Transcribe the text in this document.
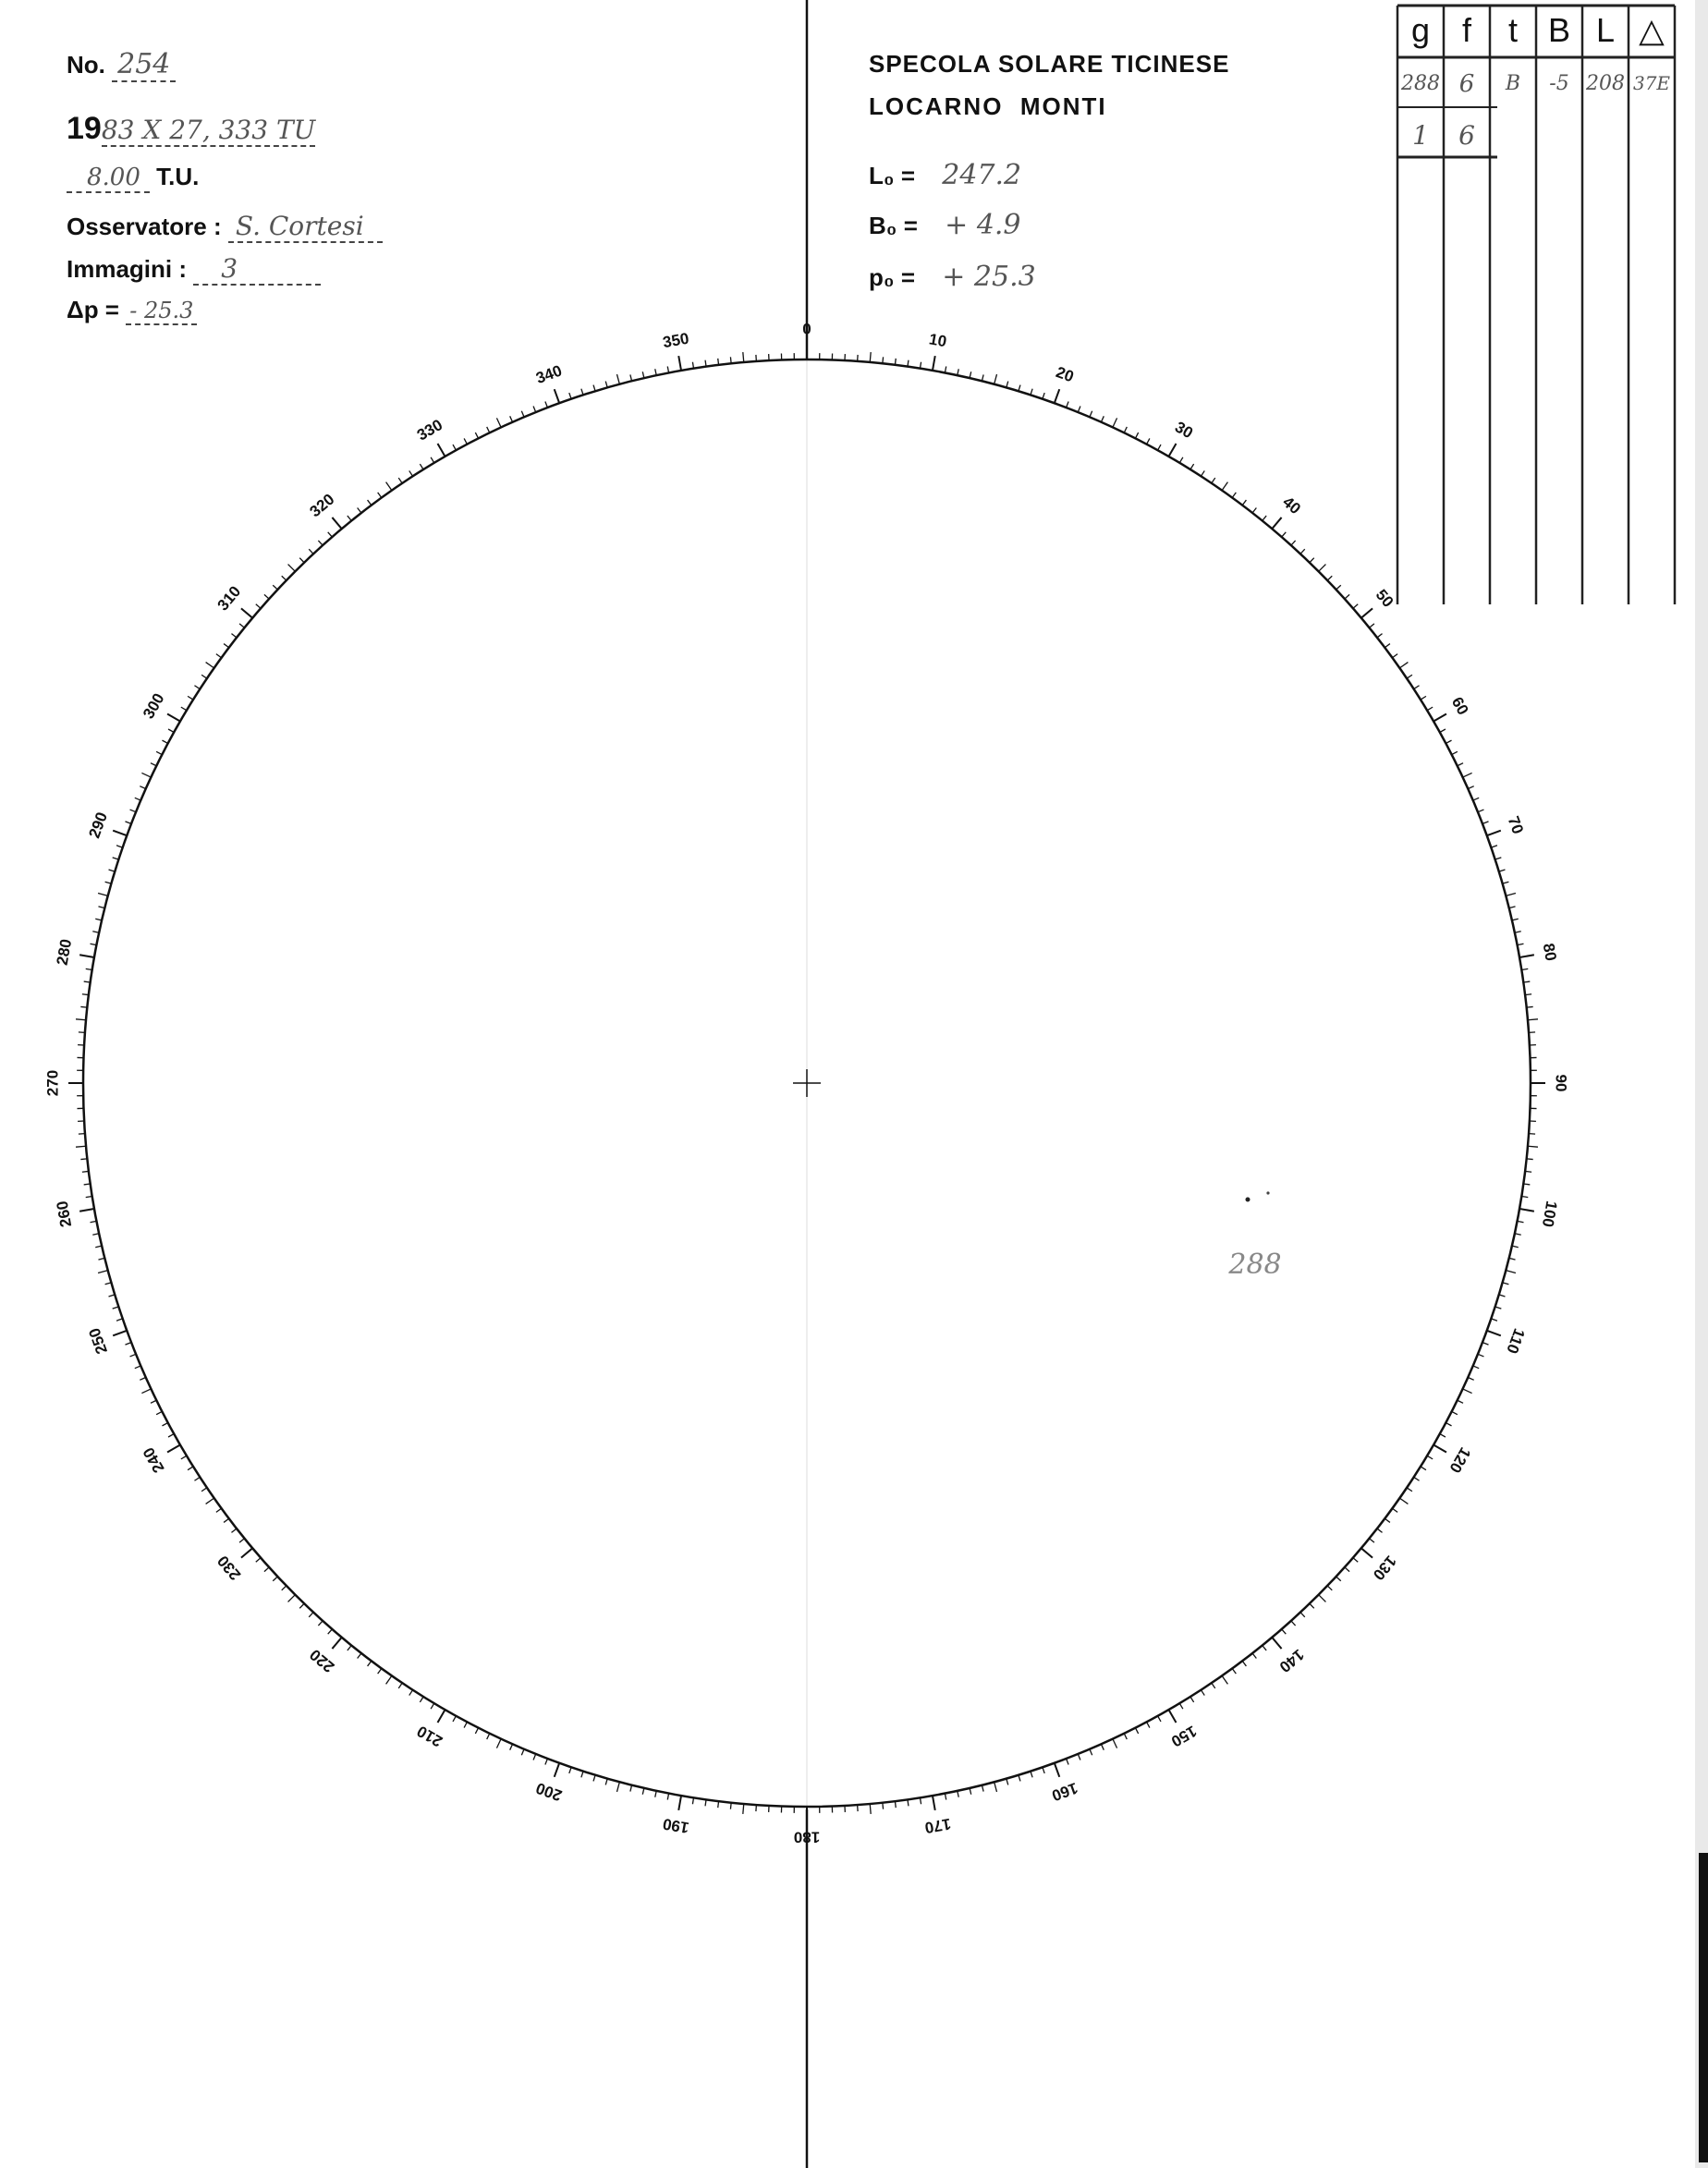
No. 254
1983 X 27, 333 TU
8.00 T.U.
Osservatore : S. Cortesi
Immagini : 3
Δp = - 25.3
SPECOLA SOLARE TICINESE
LOCARNO  MONTI
L₀ = 247.2
B₀ = + 4.9
p₀ = + 25.3
g f	t B L △
288 6	B	-5 208 37E
1	6
0
10
20
30
40
50
60
70
80
90
100
110
120
130
140
150
160
170
180
190
200
210
220
230
240
250
260
270
280
290
300
310
320
330
340
350
288
